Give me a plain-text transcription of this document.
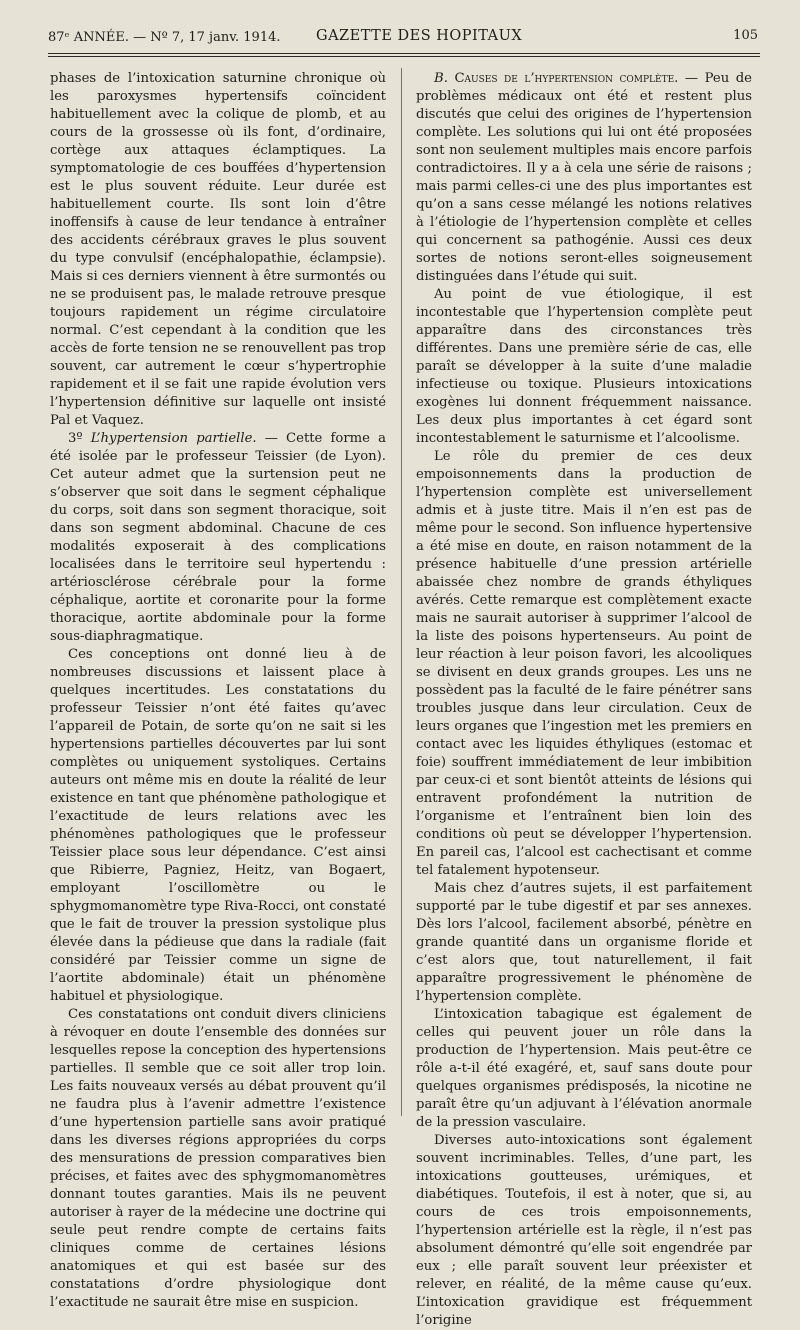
87ᵉ ANNÉE. — Nº 7, 17 janv. 1914. GAZETTE DES HOPITAUX	105

phases de l’intoxication saturnine chronique où les paroxysmes hypertensifs coïncident habituellement avec la colique de plomb, et au cours de la grossesse où ils font, d’ordinaire, cortège aux attaques éclamptiques. La symptomatologie de ces bouffées d’hypertension est le plus souvent réduite. Leur durée est habituellement courte. Ils sont loin d’être inoffensifs à cause de leur tendance à entraîner des accidents cérébraux graves le plus souvent du type convulsif (encéphalopathie, éclampsie). Mais si ces derniers viennent à être surmontés ou ne se produisent pas, le malade retrouve presque toujours rapidement un régime circulatoire normal. C’est cependant à la condition que les accès de forte tension ne se renouvellent pas trop souvent, car autrement le cœur s’hypertrophie rapidement et il se fait une rapide évolution vers l’hypertension définitive sur laquelle ont insisté Pal et Vaquez.

3º L’hypertension partielle. — Cette forme a été isolée par le professeur Teissier (de Lyon). Cet auteur admet que la surtension peut ne s’observer que soit dans le segment céphalique du corps, soit dans son segment thoracique, soit dans son segment abdominal. Chacune de ces modalités exposerait à des complications localisées dans le territoire seul hypertendu : artériosclérose cérébrale pour la forme céphalique, aortite et coronarite pour la forme thoracique, aortite abdominale pour la forme sous-diaphragmatique.

Ces conceptions ont donné lieu à de nombreuses discussions et laissent place à quelques incertitudes. Les constatations du professeur Teissier n’ont été faites qu’avec l’appareil de Potain, de sorte qu’on ne sait si les hypertensions partielles découvertes par lui sont complètes ou uniquement systoliques. Certains auteurs ont même mis en doute la réalité de leur existence en tant que phénomène pathologique et l’exactitude de leurs relations avec les phénomènes pathologiques que le professeur Teissier place sous leur dépendance. C’est ainsi que Ribierre, Pagniez, Heitz, van Bogaert, employant l’oscillomètre ou le sphygmomanomètre type Riva-Rocci, ont constaté que le fait de trouver la pression systolique plus élevée dans la pédieuse que dans la radiale (fait considéré par Teissier comme un signe de l’aortite abdominale) était un phénomène habituel et physiologique.

Ces constatations ont conduit divers cliniciens à révoquer en doute l’ensemble des données sur lesquelles repose la conception des hypertensions partielles. Il semble que ce soit aller trop loin. Les faits nouveaux versés au débat prouvent qu’il ne faudra plus à l’avenir admettre l’existence d’une hypertension partielle sans avoir pratiqué dans les diverses régions appropriées du corps des mensurations de pression comparatives bien précises, et faites avec des sphygmomanomètres donnant toutes garanties. Mais ils ne peuvent autoriser à rayer de la médecine une doctrine qui seule peut rendre compte de certains faits cliniques comme de certaines lésions anatomiques et qui est basée sur des constatations d’ordre physiologique dont l’exactitude ne saurait être mise en suspicion.

B. Causes de l’hypertension complète. — Peu de problèmes médicaux ont été et restent plus discutés que celui des origines de l’hypertension complète. Les solutions qui lui ont été proposées sont non seulement multiples mais encore parfois contradictoires. Il y a à cela une série de raisons ; mais parmi celles-ci une des plus importantes est qu’on a sans cesse mélangé les notions relatives à l’étiologie de l’hypertension complète et celles qui concernent sa pathogénie. Aussi ces deux sortes de notions seront-elles soigneusement distinguées dans l’étude qui suit.

Au point de vue étiologique, il est incontestable que l’hypertension complète peut apparaître dans des circonstances très différentes. Dans une première série de cas, elle paraît se développer à la suite d’une maladie infectieuse ou toxique. Plusieurs intoxications exogènes lui donnent fréquemment naissance. Les deux plus importantes à cet égard sont incontestablement le saturnisme et l’alcoolisme.

Le rôle du premier de ces deux empoisonnements dans la production de l’hypertension complète est universellement admis et à juste titre. Mais il n’en est pas de même pour le second. Son influence hypertensive a été mise en doute, en raison notamment de la présence habituelle d’une pression artérielle abaissée chez nombre de grands éthyliques avérés. Cette remarque est complètement exacte mais ne saurait autoriser à supprimer l’alcool de la liste des poisons hypertenseurs. Au point de leur réaction à leur poison favori, les alcooliques se divisent en deux grands groupes. Les uns ne possèdent pas la faculté de le faire pénétrer sans troubles jusque dans leur circulation. Ceux de leurs organes que l’ingestion met les premiers en contact avec les liquides éthyliques (estomac et foie) souffrent immédiatement de leur imbibition par ceux-ci et sont bientôt atteints de lésions qui entravent profondément la nutrition de l’organisme et l’entraînent bien loin des conditions où peut se développer l’hypertension. En pareil cas, l’alcool est cachectisant et comme tel fatalement hypotenseur.

Mais chez d’autres sujets, il est parfaitement supporté par le tube digestif et par ses annexes. Dès lors l’alcool, facilement absorbé, pénètre en grande quantité dans un organisme floride et c’est alors que, tout naturellement, il fait apparaître progressivement le phénomène de l’hypertension complète.

L’intoxication tabagique est également de celles qui peuvent jouer un rôle dans la production de l’hypertension. Mais peut-être ce rôle a-t-il été exagéré, et, sauf sans doute pour quelques organismes prédisposés, la nicotine ne paraît être qu’un adjuvant à l’élévation anormale de la pression vasculaire.

Diverses auto-intoxications sont également souvent incriminables. Telles, d’une part, les intoxications goutteuses, urémiques, et diabétiques. Toutefois, il est à noter, que si, au cours de ces trois empoisonnements, l’hypertension artérielle est la règle, il n’est pas absolument démontré qu’elle soit engendrée par eux ; elle paraît souvent leur préexister et relever, en réalité, de la même cause qu’eux. L’intoxication gravidique est fréquemment l’origine
